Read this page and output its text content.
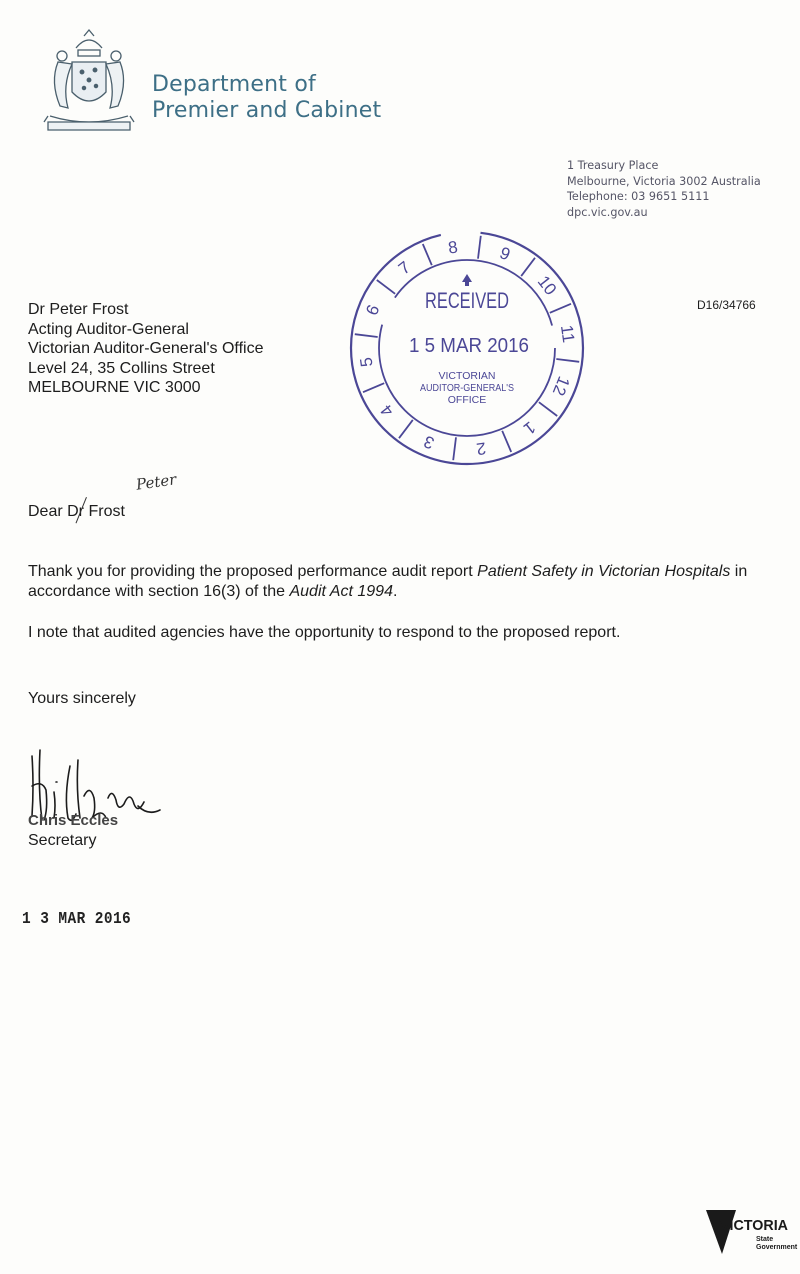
Department of
Premier and Cabinet
1 Treasury Place
Melbourne, Victoria 3002 Australia
Telephone: 03 9651 5111
dpc.vic.gov.au
Dr Peter Frost
Acting Auditor-General
Victorian Auditor-General's Office
Level 24, 35 Collins Street
MELBOURNE VIC 3000
D16/34766
8 9
10
11
12
1
2
3
4
5
6
7
RECEIVED
1 5 MAR 2016
VICTORIAN
AUDITOR-GENERAL'S
OFFICE
Dear Dr Frost
Peter
Thank you for providing the proposed performance audit report Patient Safety in Victorian Hospitals in accordance with section 16(3) of the Audit Act 1994.
I note that audited agencies have the opportunity to respond to the proposed report.
Yours sincerely
Chris Eccles
Secretary
1 3 MAR 2016
VICTORIA
State
Government
